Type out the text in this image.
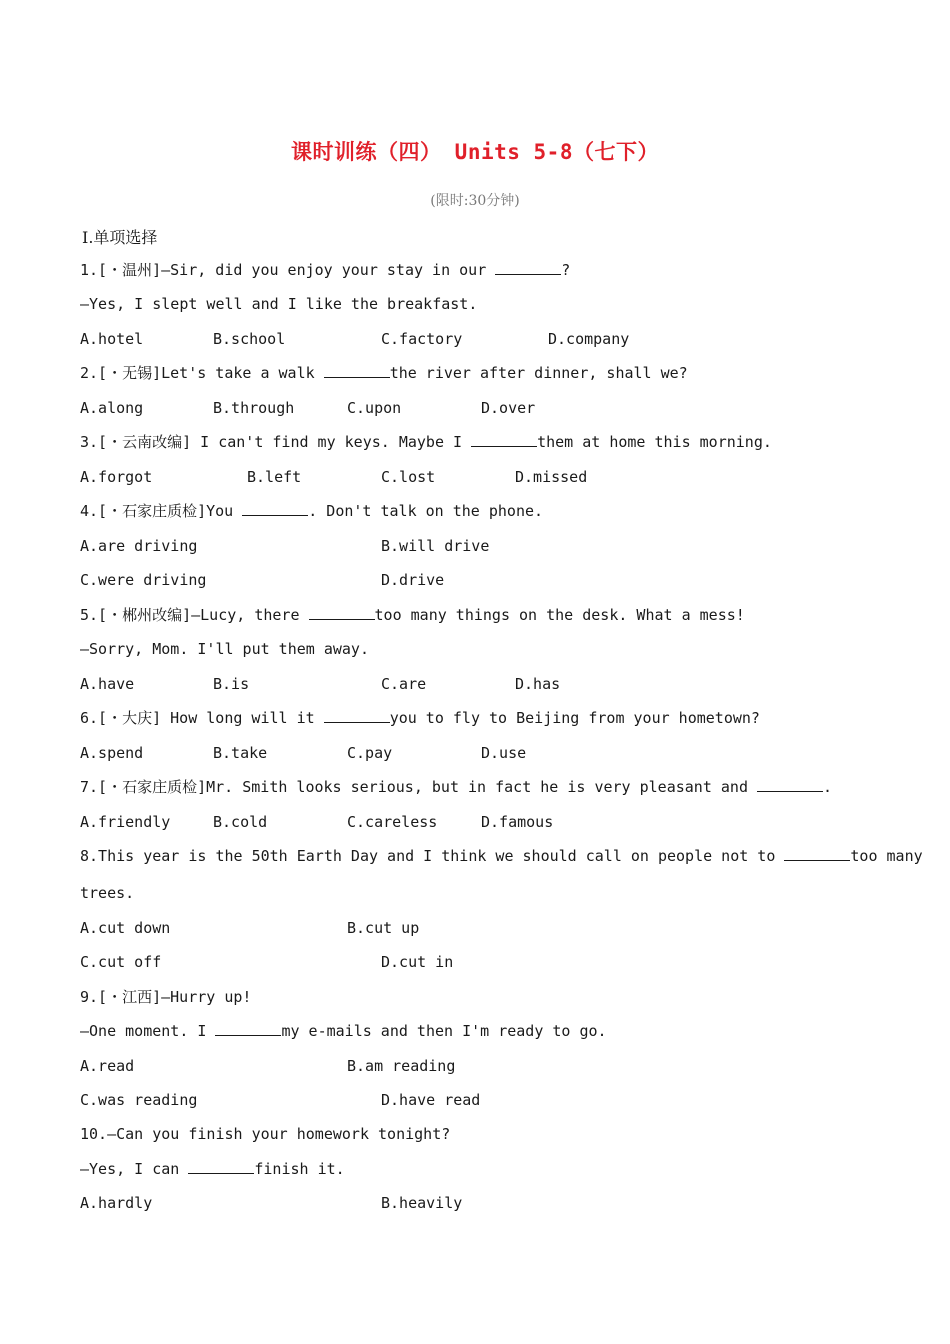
课时训练（四） Units 5-8（七下）
(限时:30分钟)
Ⅰ.单项选择
1.[・温州]—Sir, did you enjoy your stay in our	?
—Yes, I slept well and I like the breakfast.
A.hotel	B.school	C.factory	D.company
2.[・无锡]Let's take a walk	the river after dinner, shall we?
A.along	B.through	C.upon	D.over
3.[・云南改编] I can't find my keys. Maybe I	them at home this morning.
A.forgot	B.left	C.lost	D.missed
4.[・石家庄质检]You	. Don't talk on the phone.
A.are driving	B.will drive
C.were driving	D.drive
5.[・郴州改编]—Lucy, there	too many things on the desk. What a mess!
—Sorry, Mom. I'll put them away.
A.have	B.is	C.are	D.has
6.[・大庆] How long will it	you to fly to Beijing from your hometown?
A.spend	B.take	C.pay	D.use
7.[・石家庄质检]Mr. Smith looks serious, but in fact he is very pleasant and	.
A.friendly	B.cold	C.careless	D.famous
8.This year is the 50th Earth Day and I think we should call on people not to	too many
trees.
A.cut down	B.cut up
C.cut off	D.cut in
9.[・江西]—Hurry up!
—One moment. I	my e-mails and then I'm ready to go.
A.read	B.am reading
C.was reading	D.have read
10.—Can you finish your homework tonight?
—Yes, I can	finish it.
A.hardly	B.heavily
